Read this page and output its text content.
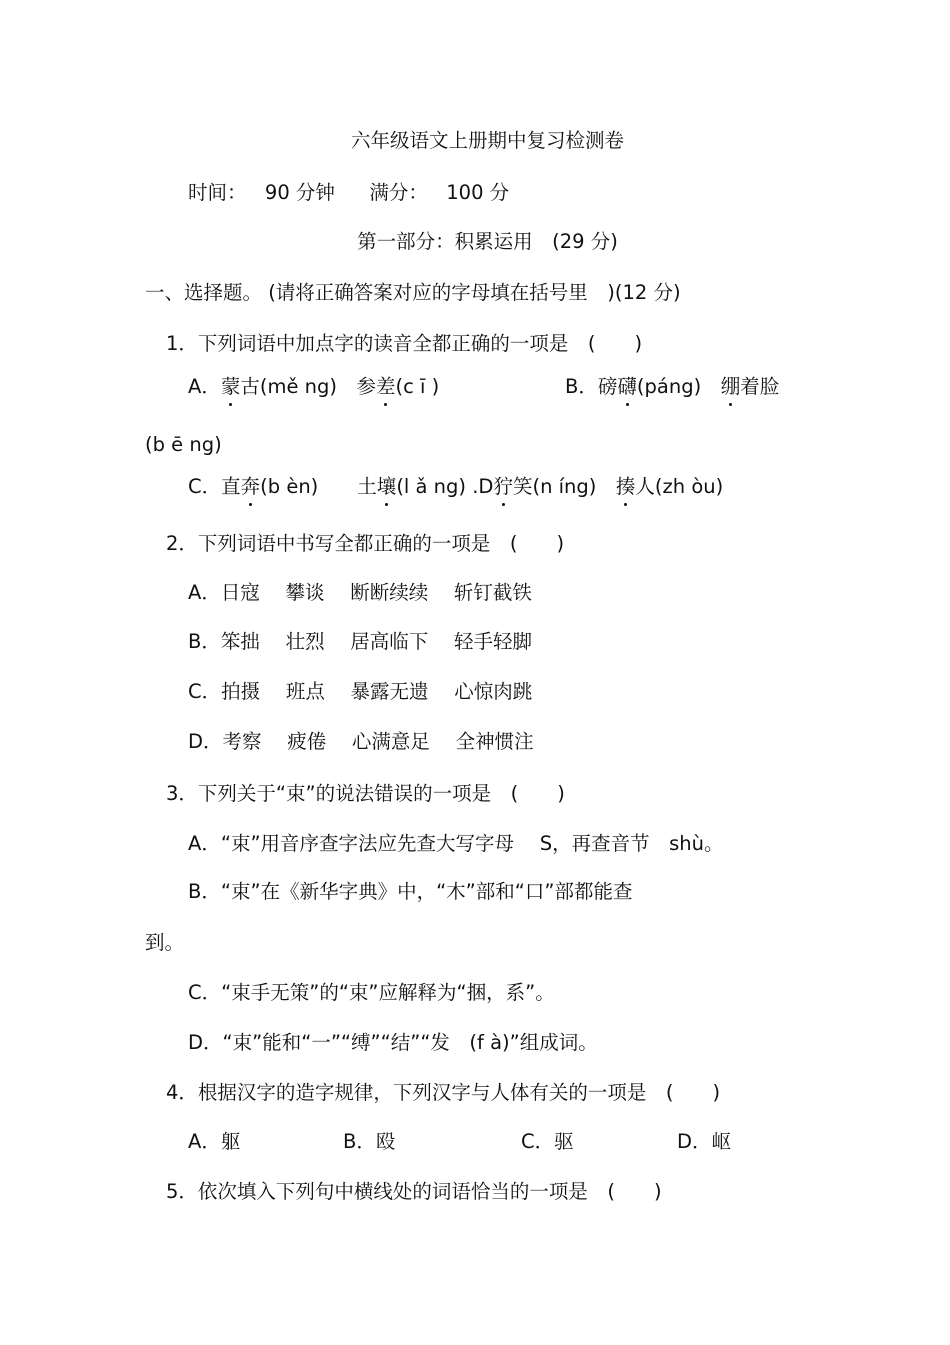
六年级语文上册期中复习检测卷
时间： 90 分钟 满分： 100 分
第一部分：积累运用　(29 分)
一、选择题。 (请将正确答案对应的字母填在括号里　)(12 分)
1．下列词语中加点字的读音全都正确的一项是　(　　)
A．蒙古(mě ng)　参差(c ī )	B．磅礴(páng)　绷着脸
(b ē ng)
C．直奔(b èn)　　土壤(l ǎ ng) .D狞笑(n íng)　揍人(zh òu)
2．下列词语中书写全都正确的一项是　(　　)
A．日寇　 攀谈　 断断续续　 斩钉截铁
B．笨拙　 壮烈　 居高临下　 轻手轻脚
C．拍摄　 班点　 暴露无遗　 心惊肉跳
D．考察　 疲倦　 心满意足　 全神惯注
3．下列关于“束”的说法错误的一项是　(　　)
A．“束”用音序查字法应先查大写字母　 S，再查音节　shù。
B．“束”在《新华字典》中，“木”部和“口”部都能查
到。
C．“束手无策”的“束”应解释为“捆，系”。
D．“束”能和“一”“缚”“结”“发　(f à)”组成词。
4．根据汉字的造字规律，下列汉字与人体有关的一项是　(　　)
A．躯	B．殴	C．驱	D．岖
5．依次填入下列句中横线处的词语恰当的一项是　(　　)
